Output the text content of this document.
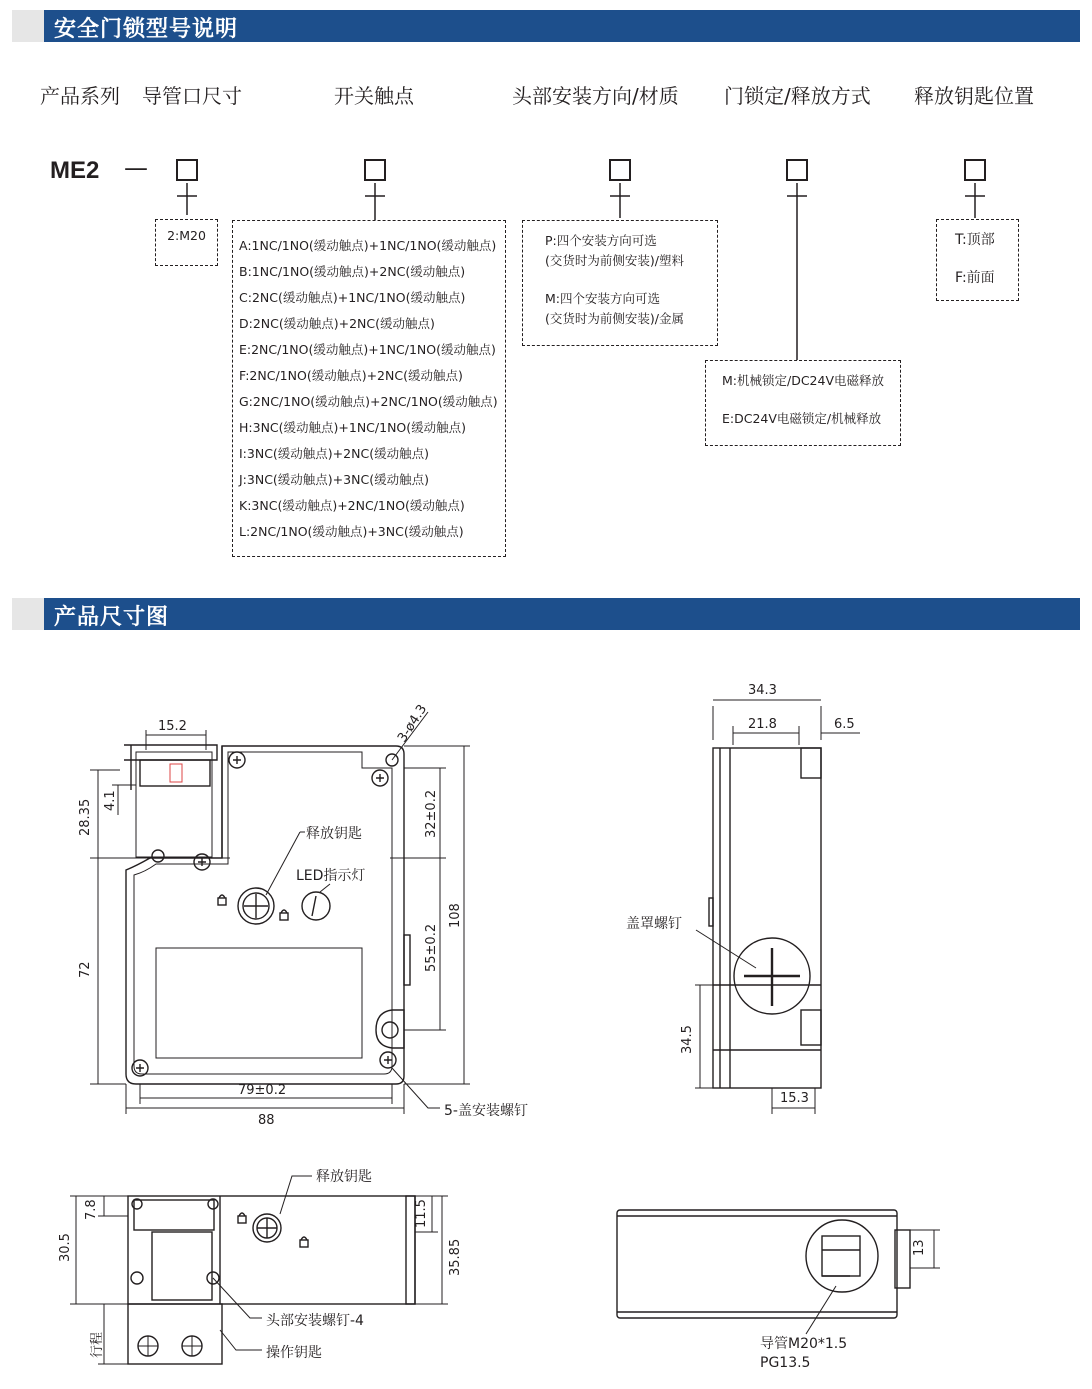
安全门锁型号说明
产品系列 导管口尺寸	开关触点	头部安装方向/材质 门锁定/释放方式 释放钥匙位置
ME2 —
2:M20
A:1NC/1NO(缓动触点)+1NC/1NO(缓动触点)
B:1NC/1NO(缓动触点)+2NC(缓动触点)
C:2NC(缓动触点)+1NC/1NO(缓动触点)
D:2NC(缓动触点)+2NC(缓动触点)
E:2NC/1NO(缓动触点)+1NC/1NO(缓动触点)
F:2NC/1NO(缓动触点)+2NC(缓动触点)
G:2NC/1NO(缓动触点)+2NC/1NO(缓动触点)
H:3NC(缓动触点)+1NC/1NO(缓动触点)
I:3NC(缓动触点)+2NC(缓动触点)
J:3NC(缓动触点)+3NC(缓动触点)
K:3NC(缓动触点)+2NC/1NO(缓动触点)
L:2NC/1NO(缓动触点)+3NC(缓动触点)
P:四个安装方向可选
(交货时为前侧安装)/塑料
M:四个安装方向可选
(交货时为前侧安装)/金属
M:机械锁定/DC24V电磁释放
E:DC24V电磁锁定/机械释放
T:顶部
F:前面
产品尺寸图
15.2	3-ø4.3
28.35 4.1	32±0.2
108
72	55±0.2
79±0.2
88
释放钥匙
LED指示灯
5-盖安装螺钉
34.3
21.8	6.5
34.5
15.3
盖罩螺钉
7.8
30.5
11.5
35.85
行程
释放钥匙
头部安装螺钉-4
操作钥匙
13
导管M20*1.5
PG13.5
